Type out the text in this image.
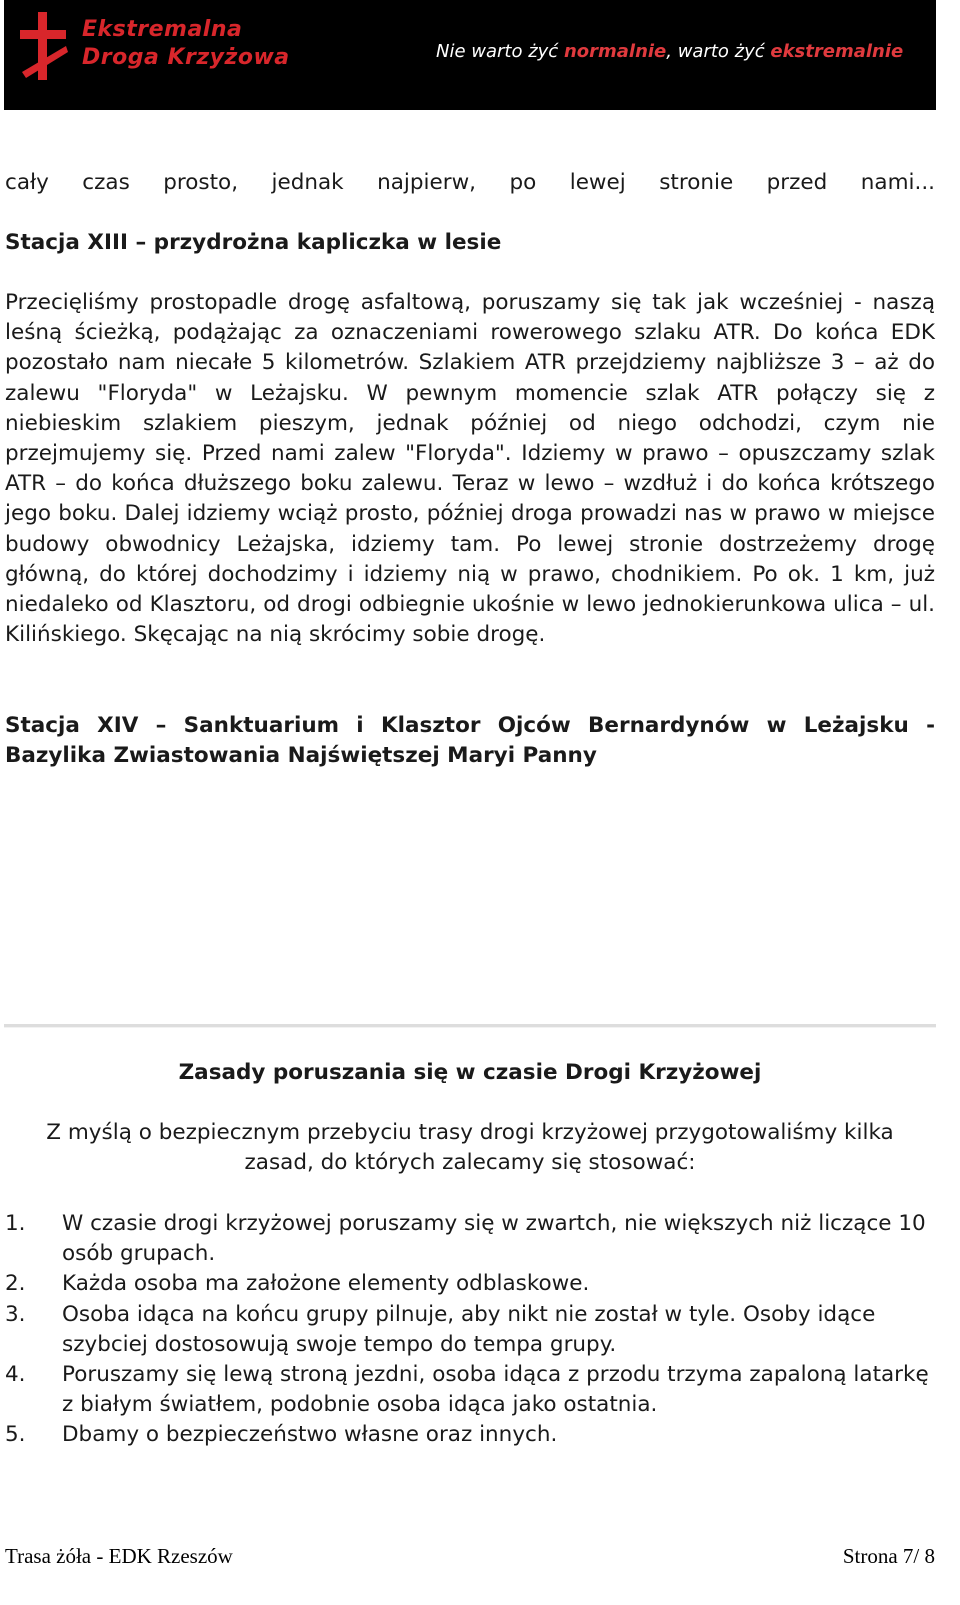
Ekstremalna
Droga Krzyżowa	Nie warto żyć normalnie, warto żyć ekstremalnie
cały czas prosto, jednak najpierw, po lewej stronie przed nami...
Stacja XIII – przydrożna kapliczka w lesie
Przecięliśmy prostopadle drogę asfaltową, poruszamy się tak jak wcześniej - naszą leśną ścieżką, podążając za oznaczeniami rowerowego szlaku ATR. Do końca EDK pozostało nam niecałe 5 kilometrów. Szlakiem ATR przejdziemy najbliższe 3 – aż do zalewu "Floryda" w Leżajsku. W pewnym momencie szlak ATR połączy się z niebieskim szlakiem pieszym, jednak później od niego odchodzi, czym nie przejmujemy się. Przed nami zalew "Floryda". Idziemy w prawo – opuszczamy szlak ATR – do końca dłuższego boku zalewu. Teraz w lewo – wzdłuż i do końca krótszego jego boku. Dalej idziemy wciąż prosto, później droga prowadzi nas w prawo w miejsce budowy obwodnicy Leżajska, idziemy tam. Po lewej stronie dostrzeżemy drogę główną, do której dochodzimy i idziemy nią w prawo, chodnikiem. Po ok. 1 km, już niedaleko od Klasztoru, od drogi odbiegnie ukośnie w lewo jednokierunkowa ulica – ul. Kilińskiego. Skęcając na nią skrócimy sobie drogę.
Stacja XIV – Sanktuarium i Klasztor Ojców Bernardynów w Leżajsku - Bazylika Zwiastowania Najświętszej Maryi Panny
Zasady poruszania się w czasie Drogi Krzyżowej
Z myślą o bezpiecznym przebyciu trasy drogi krzyżowej przygotowaliśmy kilka zasad, do których zalecamy się stosować:
1. W czasie drogi krzyżowej poruszamy się w zwartch, nie większych niż liczące 10 osób grupach.
2. Każda osoba ma założone elementy odblaskowe.
3. Osoba idąca na końcu grupy pilnuje, aby nikt nie został w tyle. Osoby idące szybciej dostosowują swoje tempo do tempa grupy.
4. Poruszamy się lewą stroną jezdni, osoba idąca z przodu trzyma zapaloną latarkę z białym światłem, podobnie osoba idąca jako ostatnia.
5. Dbamy o bezpieczeństwo własne oraz innych.
Trasa żóła - EDK Rzeszów	Strona 7/ 8
